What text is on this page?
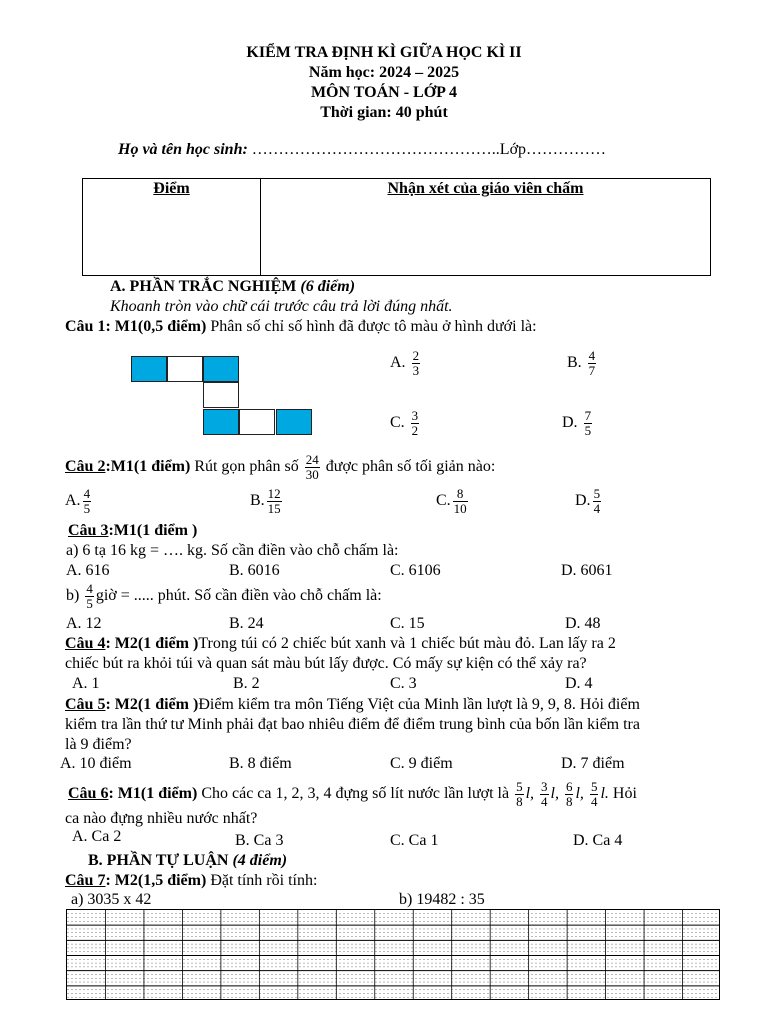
KIỂM TRA ĐỊNH KÌ GIỮA HỌC KÌ II
Năm học: 2024 – 2025
MÔN TOÁN - LỚP 4
Thời gian: 40 phút
Họ và tên học sinh: ………………………………………..Lớp……………
Điểm	Nhận xét của giáo viên chấm
A. PHẦN TRẮC NGHIỆM (6 điểm)
Khoanh tròn vào chữ cái trước câu trả lời đúng nhất.
Câu 1: M1(0,5 điểm) Phân số chỉ số hình đã được tô màu ở hình dưới là:
A. $\frac{2}{3}$	B. $\frac{4}{7}$
C. $\frac{3}{2}$	D. $\frac{7}{5}$
Câu 2:M1(1 điểm) Rút gọn phân số $\frac{24}{30}$ được phân số tối giản nào:
A. $\frac{4}{5}$	B. $\frac{12}{15}$	C. $\frac{8}{10}$	D. $\frac{5}{4}$
Câu 3:M1(1 điểm )
a) 6 tạ 16 kg = …. kg. Số cần điền vào chỗ chấm là:
A. 616	B. 6016	C. 6106	D. 6061
$b) \frac{4}{5}$ giờ = ..... phút. Số cần điền vào chỗ chấm là:
A. 12	B. 24	C. 15	D. 48
Câu 4: M2(1 điểm )Trong túi có 2 chiếc bút xanh và 1 chiếc bút màu đỏ. Lan lấy ra 2
chiếc bút ra khỏi túi và quan sát màu bút lấy được. Có mấy sự kiện có thể xảy ra?
A. 1	B. 2	C. 3	D. 4
Câu 5: M2(1 điểm )Điểm kiểm tra môn Tiếng Việt của Minh lần lượt là 9, 9, 8. Hỏi điểm
kiểm tra lần thứ tư Minh phải đạt bao nhiêu điểm để điểm trung bình của bốn lần kiểm tra
là 9 điểm?
A. 10 điểm	B. 8 điểm	C. 9 điểm	D. 7 điểm
Câu 6: M1(1 điểm) Cho các ca 1, 2, 3, 4 đựng số lít nước lần lượt là $\frac{5}{8} l$, $\frac{3}{4} l$, $\frac{6}{8} l$, $\frac{5}{4} l$. Hỏi
ca nào đựng nhiều nước nhất?
A. Ca 2	B. Ca 3	C. Ca 1	D. Ca 4
B. PHẦN TỰ LUẬN (4 điểm)
Câu 7: M2(1,5 điểm) Đặt tính rồi tính:
a) 3035 x 42	b) 19482 : 35
